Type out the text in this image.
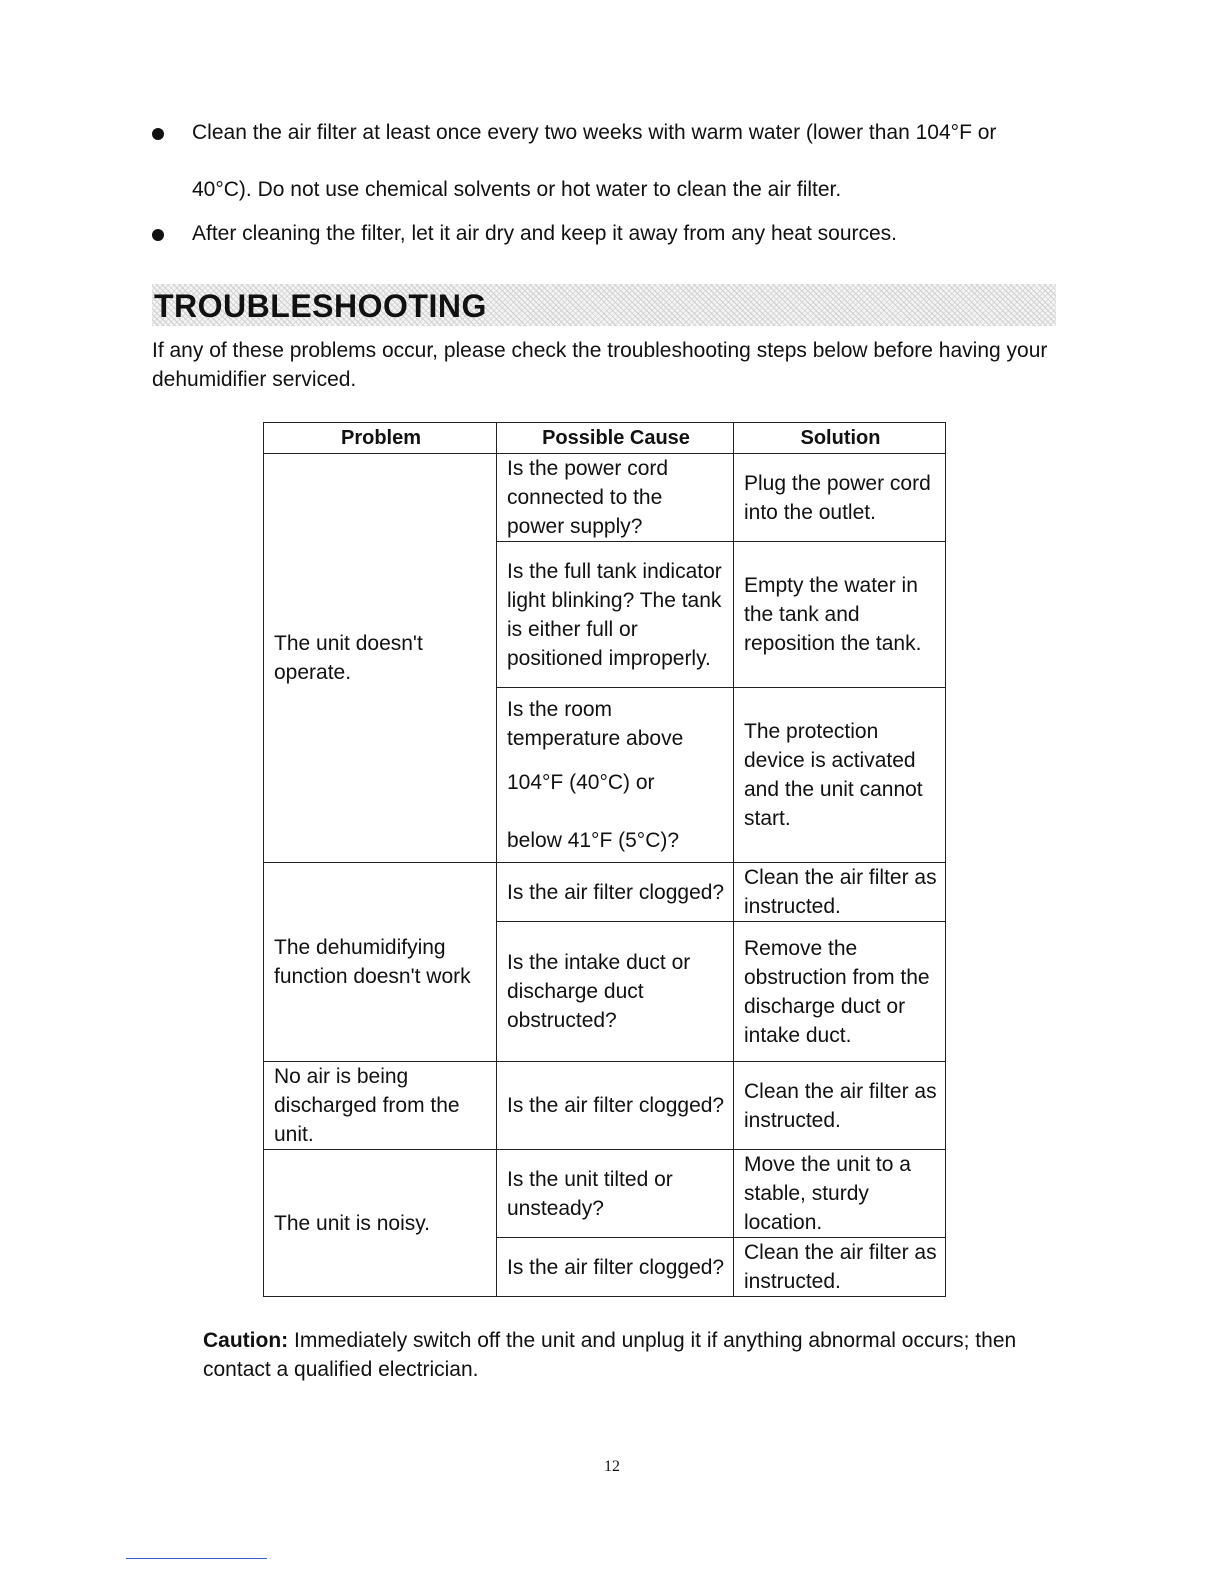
Clean the air filter at least once every two weeks with warm water (lower than 104°F or
40°C). Do not use chemical solvents or hot water to clean the air filter.
After cleaning the filter, let it air dry and keep it away from any heat sources.
TROUBLESHOOTING
If any of these problems occur, please check the troubleshooting steps below before having your dehumidifier serviced.
Problem	Possible Cause	Solution
The unit doesn't operate.	Is the power cord connected to the power supply?	Plug the power cord into the outlet.
	Is the full tank indicator light blinking? The tank is either full or positioned improperly.	Empty the water in the tank and reposition the tank.

	Is the room temperature above
104°F (40°C) or
below 41°F (5°C)?	The protection device is activated and the unit cannot start.
The dehumidifying function doesn't work	Is the air filter clogged?	Clean the air filter as instructed.
	Is the intake duct or discharge duct obstructed?	Remove the obstruction from the discharge duct or intake duct.
No air is being discharged from the unit.	Is the air filter clogged?	Clean the air filter as instructed.
The unit is noisy.	Is the unit tilted or unsteady?	Move the unit to a stable, sturdy location.
	Is the air filter clogged?	Clean the air filter as instructed.
Caution: Immediately switch off the unit and unplug it if anything abnormal occurs; then contact a qualified electrician.
12
